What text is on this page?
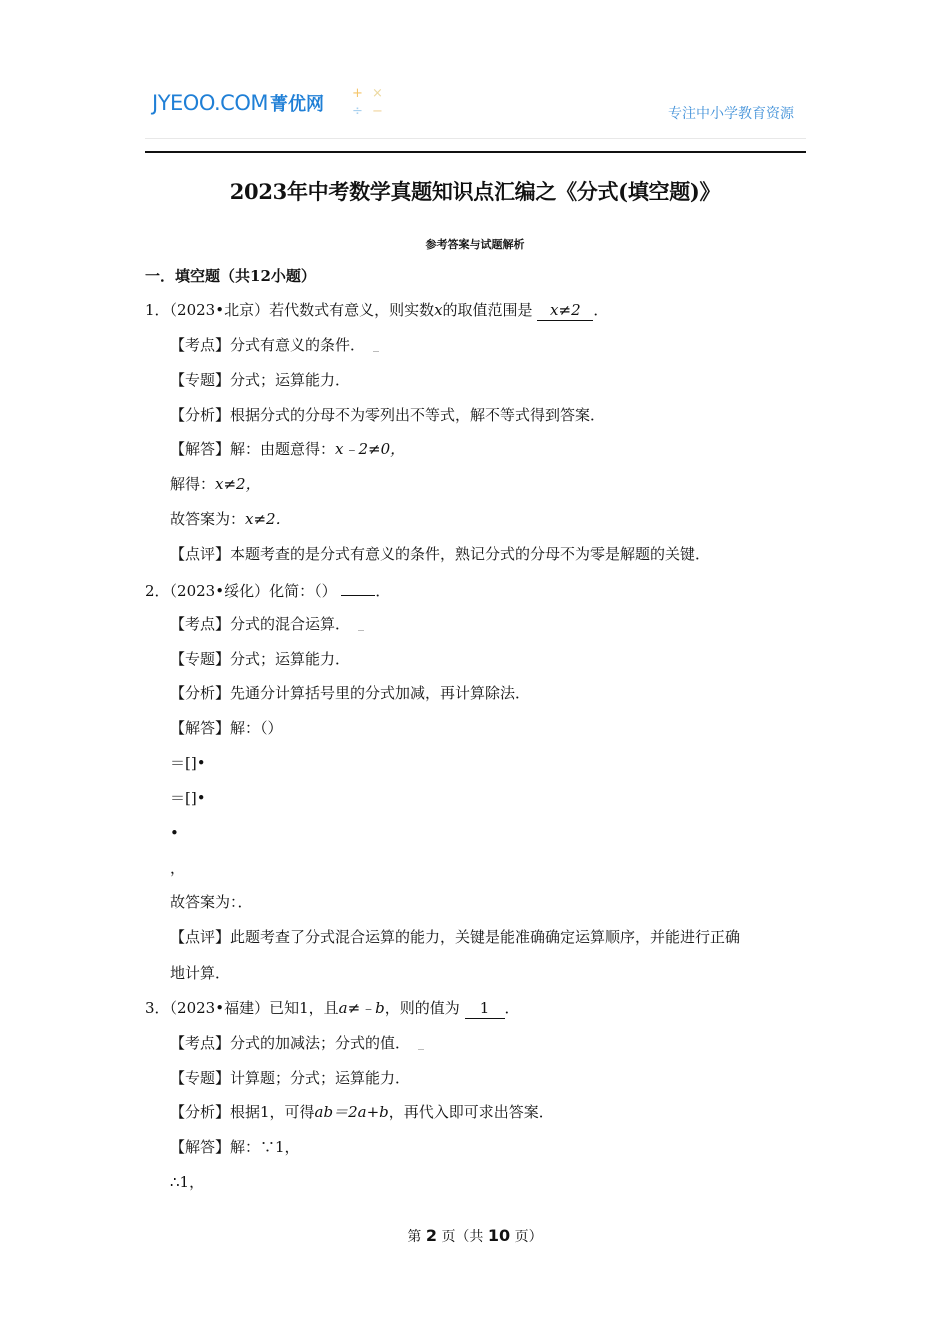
JYEOO.COM 菁优网
+ ×
÷ −	专注中小学教育资源
2023年中考数学真题知识点汇编之《分式(填空题)》
参考答案与试题解析
一．填空题（共12小题）
1．（2023•北京）若代数式有意义，则实数x的取值范围是 x≠2 ．
【考点】分式有意义的条件．
【专题】分式；运算能力．
【分析】根据分式的分母不为零列出不等式，解不等式得到答案．
【解答】解：由题意得：x﹣2≠0，
解得：x≠2，
故答案为：x≠2．
【点评】本题考查的是分式有意义的条件，熟记分式的分母不为零是解题的关键．
2．（2023•绥化）化简：（）	．
【考点】分式的混合运算．
【专题】分式；运算能力．
【分析】先通分计算括号里的分式加减，再计算除法．
【解答】解：（）
＝[]•
＝[]•
•
，
故答案为：．
【点评】此题考查了分式混合运算的能力，关键是能准确确定运算顺序，并能进行正确
地计算．
3．（2023•福建）已知1，且a≠﹣b，则的值为 1 ．
【考点】分式的加减法；分式的值．
【专题】计算题；分式；运算能力．
【分析】根据1，可得ab＝2a+b，再代入即可求出答案．
【解答】解：∵1，
∴1，
第 2 页（共 10 页）
